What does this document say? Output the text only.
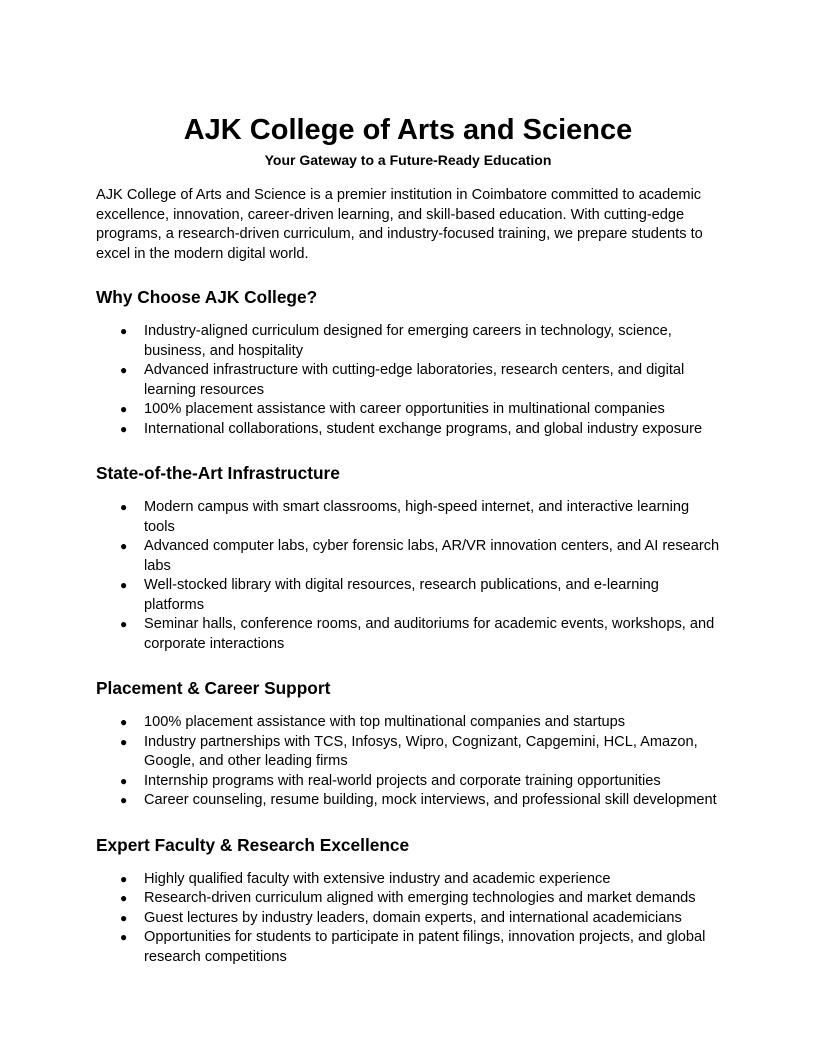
AJK College of Arts and Science

Your Gateway to a Future-Ready Education

AJK College of Arts and Science is a premier institution in Coimbatore committed to academic excellence, innovation, career-driven learning, and skill-based education. With cutting-edge programs, a research-driven curriculum, and industry-focused training, we prepare students to excel in the modern digital world.

Why Choose AJK College?
● Industry-aligned curriculum designed for emerging careers in technology, science, business, and hospitality
● Advanced infrastructure with cutting-edge laboratories, research centers, and digital learning resources
● 100% placement assistance with career opportunities in multinational companies
● International collaborations, student exchange programs, and global industry exposure
State-of-the-Art Infrastructure
● Modern campus with smart classrooms, high-speed internet, and interactive learning tools
● Advanced computer labs, cyber forensic labs, AR/VR innovation centers, and AI research labs
● Well-stocked library with digital resources, research publications, and e-learning platforms
● Seminar halls, conference rooms, and auditoriums for academic events, workshops, and corporate interactions
Placement & Career Support
● 100% placement assistance with top multinational companies and startups
● Industry partnerships with TCS, Infosys, Wipro, Cognizant, Capgemini, HCL, Amazon, Google, and other leading firms
● Internship programs with real-world projects and corporate training opportunities
● Career counseling, resume building, mock interviews, and professional skill development
Expert Faculty & Research Excellence
● Highly qualified faculty with extensive industry and academic experience
● Research-driven curriculum aligned with emerging technologies and market demands
● Guest lectures by industry leaders, domain experts, and international academicians
● Opportunities for students to participate in patent filings, innovation projects, and global research competitions
